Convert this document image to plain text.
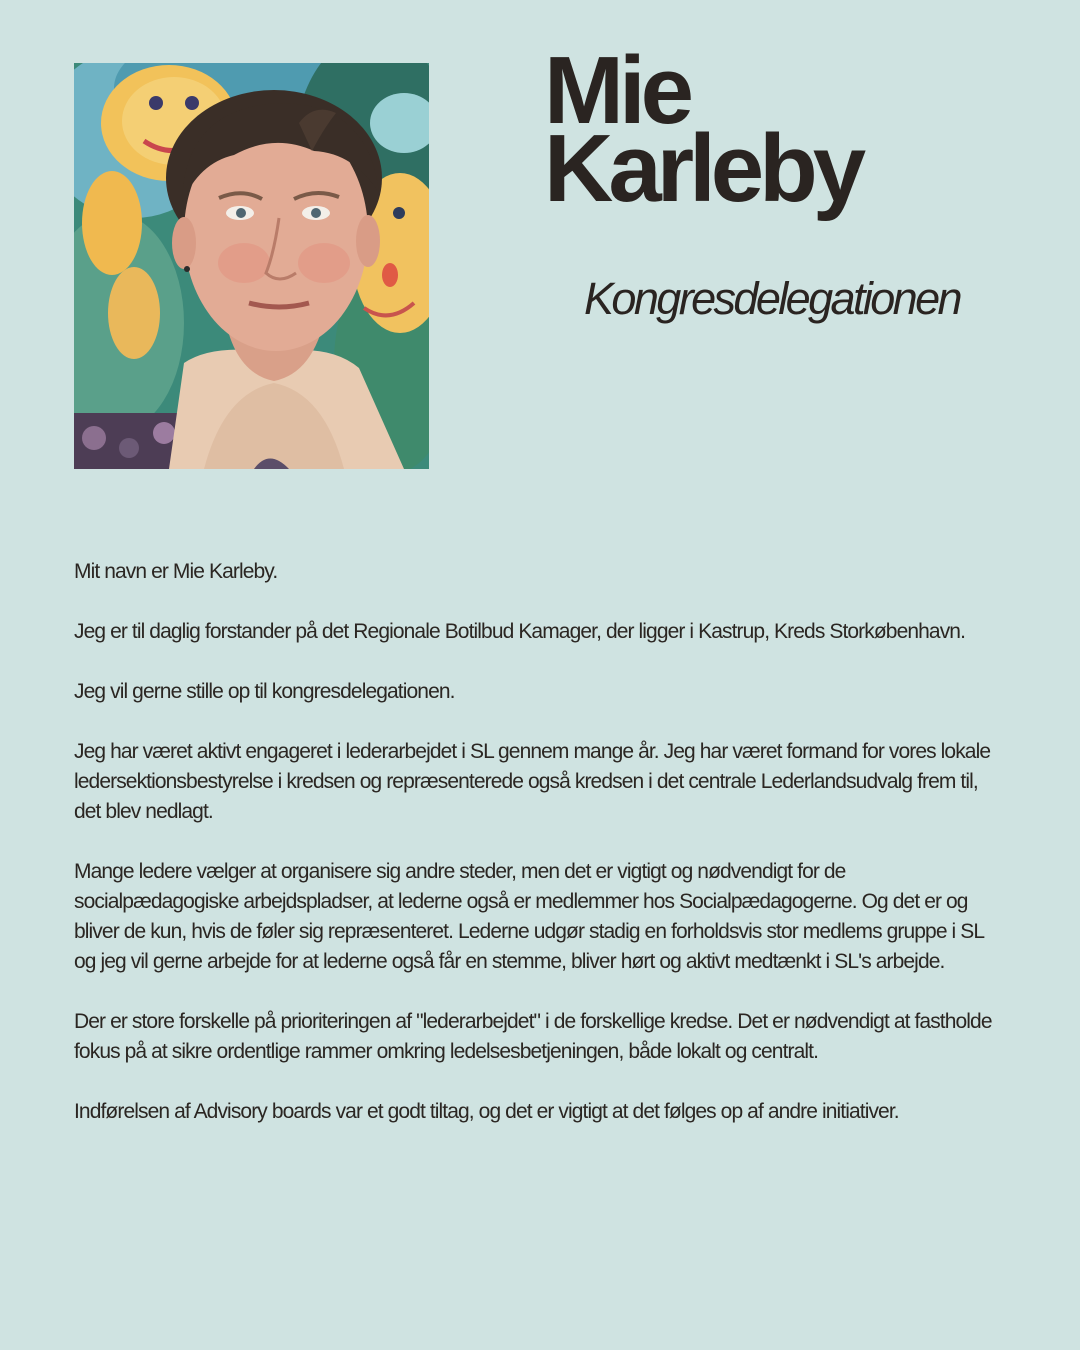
Mie
Karleby
Kongresdelegationen

Mit navn er Mie Karleby.

Jeg er til daglig forstander på det Regionale Botilbud Kamager, der ligger i Kastrup, Kreds Storkøbenhavn.

Jeg vil gerne stille op til kongresdelegationen.

Jeg har været aktivt engageret i lederarbejdet i SL gennem mange år. Jeg har været formand for vores lokale ledersektionsbestyrelse i kredsen og repræsenterede også kredsen i det centrale Lederlandsudvalg frem til, det blev nedlagt.

Mange ledere vælger at organisere sig andre steder, men det er vigtigt og nødvendigt for de socialpædagogiske arbejdspladser, at lederne også er medlemmer hos Socialpædagogerne. Og det er og bliver de kun, hvis de føler sig repræsenteret. Lederne udgør stadig en forholdsvis stor medlems gruppe i SL og jeg vil gerne arbejde for at lederne også får en stemme, bliver hørt og aktivt medtænkt i SL's arbejde.

Der er store forskelle på prioriteringen af "lederarbejdet" i de forskellige kredse. Det er nødvendigt at fastholde fokus på at sikre ordentlige rammer omkring ledelsesbetjeningen, både lokalt og centralt.

Indførelsen af Advisory boards var et godt tiltag, og det er vigtigt at det følges op af andre initiativer.
